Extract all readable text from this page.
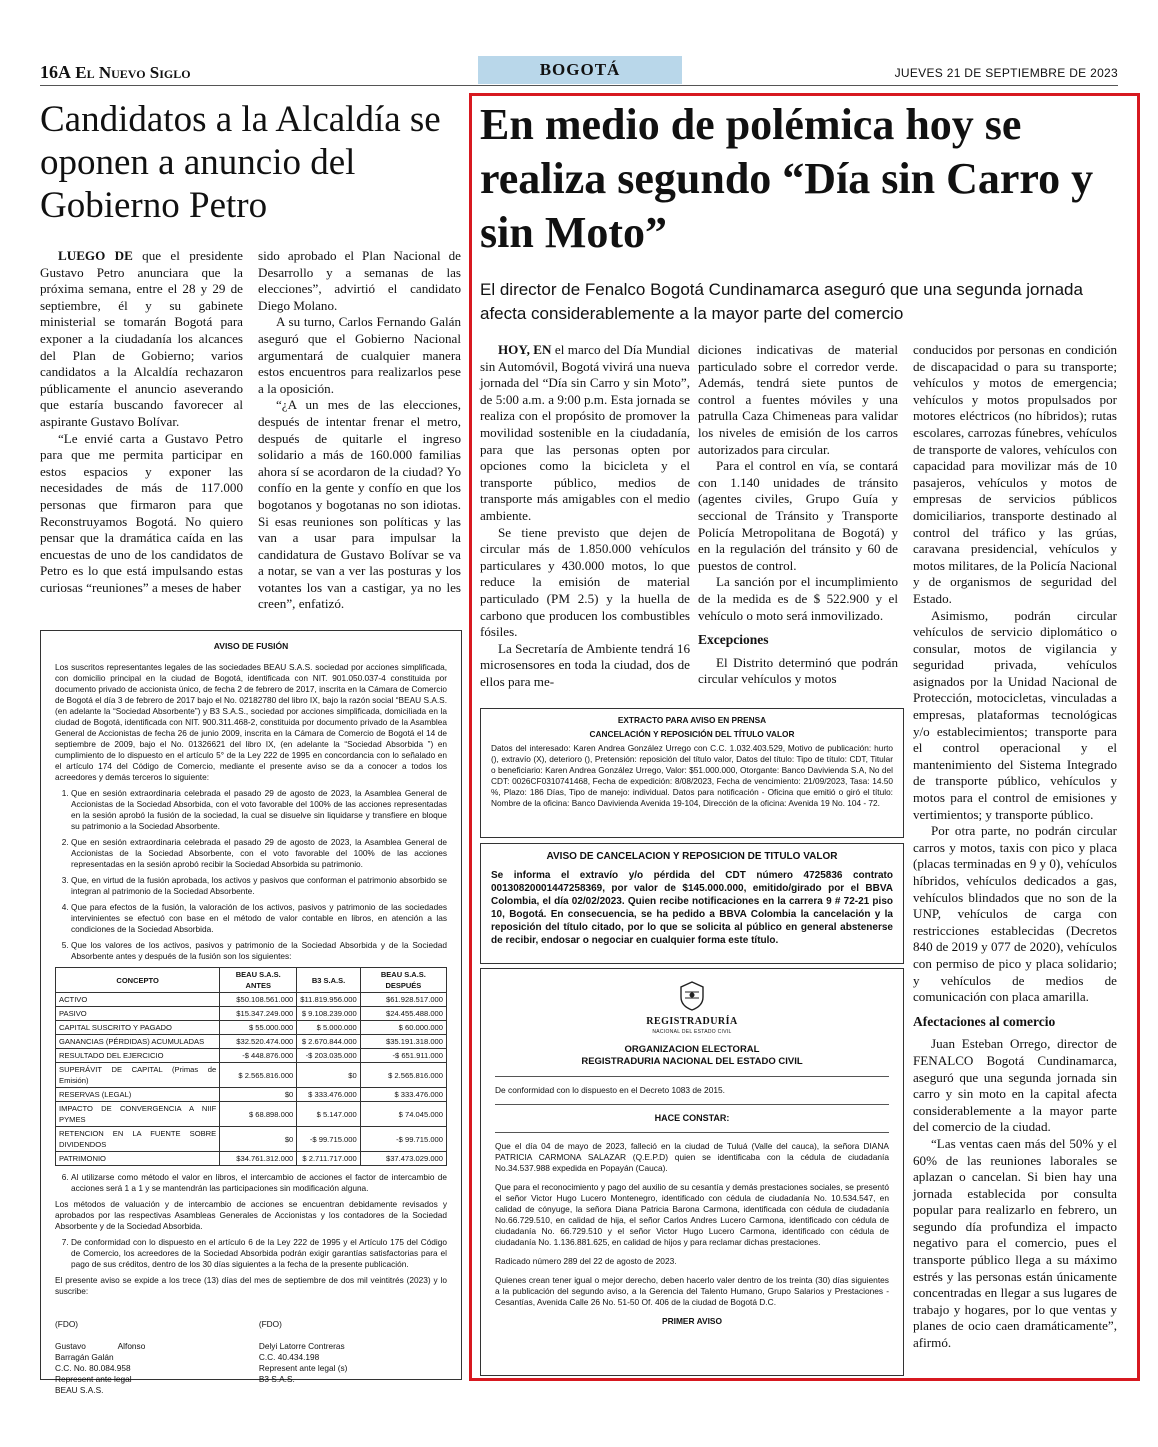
16A El Nuevo Siglo	BOGOTÁ	JUEVES 21 DE SEPTIEMBRE DE 2023
Candidatos a la Alcaldía se oponen a anuncio del Gobierno Petro

LUEGO DE que el presidente Gustavo Petro anunciara que la próxima semana, entre el 28 y 29 de septiembre, él y su gabinete ministerial se tomarán Bogotá para exponer a la ciudadanía los alcances del Plan de Gobierno; varios candidatos a la Alcaldía rechazaron públicamente el anuncio aseverando que estaría buscando favorecer al aspirante Gustavo Bolívar.

“Le envié carta a Gustavo Petro para que me permita participar en estos espacios y exponer las necesidades de más de 117.000 personas que firmaron para que Reconstruyamos Bogotá. No quiero pensar que la dramática caída en las encuestas de uno de los candidatos de Petro es lo que está impulsando estas curiosas “reuniones” a meses de haber

sido aprobado el Plan Nacional de Desarrollo y a semanas de las elecciones”, advirtió el candidato Diego Molano.

A su turno, Carlos Fernando Galán aseguró que el Gobierno Nacional argumentará de cualquier manera estos encuentros para realizarlos pese a la oposición.

“¿A un mes de las elecciones, después de intentar frenar el metro, después de quitarle el ingreso solidario a más de 160.000 familias ahora sí se acordaron de la ciudad? Yo confío en la gente y confío en que los bogotanos y bogotanas no son idiotas. Si esas reuniones son políticas y las van a usar para impulsar la candidatura de Gustavo Bolívar se va a notar, se van a ver las posturas y los votantes los van a castigar, ya no les creen”, enfatizó.

AVISO DE FUSIÓN

Los suscritos representantes legales de las sociedades BEAU S.A.S. sociedad por acciones simplificada, con domicilio principal en la ciudad de Bogotá, identificada con NIT. 901.050.037-4 constituida por documento privado de accionista único, de fecha 2 de febrero de 2017, inscrita en la Cámara de Comercio de Bogotá el día 3 de febrero de 2017 bajo el No. 02182780 del libro IX, bajo la razón social “BEAU S.A.S. (en adelante la “Sociedad Absorbente”) y B3 S.A.S., sociedad por acciones simplificada, domiciliada en la ciudad de Bogotá, identificada con NIT. 900.311.468-2, constituida por documento privado de la Asamblea General de Accionistas de fecha 26 de junio 2009, inscrita en la Cámara de Comercio de Bogotá el 14 de septiembre de 2009, bajo el No. 01326621 del libro IX, (en adelante la “Sociedad Absorbida ”) en cumplimiento de lo dispuesto en el artículo 5° de la Ley 222 de 1995 en concordancia con lo señalado en el artículo 174 del Código de Comercio, mediante el presente aviso se da a conocer a todos los acreedores y demás terceros lo siguiente:

1. Que en sesión extraordinaria celebrada el pasado 29 de agosto de 2023, la Asamblea General de Accionistas de la Sociedad Absorbida, con el voto favorable del 100% de las acciones representadas en la sesión aprobó la fusión de la sociedad, la cual se disuelve sin liquidarse y transfiere en bloque su patrimonio a la Sociedad Absorbente.
2. Que en sesión extraordinaria celebrada el pasado 29 de agosto de 2023, la Asamblea General de Accionistas de la Sociedad Absorbente, con el voto favorable del 100% de las acciones representadas en la sesión aprobó recibir la Sociedad Absorbida su patrimonio.
3. Que, en virtud de la fusión aprobada, los activos y pasivos que conforman el patrimonio absorbido se integran al patrimonio de la Sociedad Absorbente.
4. Que para efectos de la fusión, la valoración de los activos, pasivos y patrimonio de las sociedades intervinientes se efectuó con base en el método de valor contable en libros, en atención a las condiciones de la Sociedad Absorbida.
5. Que los valores de los activos, pasivos y patrimonio de la Sociedad Absorbida y de la Sociedad Absorbente antes y después de la fusión son los siguientes:
CONCEPTO	BEAU S.A.S. ANTES	B3 S.A.S.	BEAU S.A.S. DESPUÉS
ACTIVO	$50.108.561.000	$11.819.956.000	$61.928.517.000
PASIVO	$15.347.249.000	$ 9.108.239.000	$24.455.488.000
CAPITAL SUSCRITO Y PAGADO	$ 55.000.000	$ 5.000.000	$ 60.000.000
GANANCIAS (PÉRDIDAS) ACUMULADAS	$32.520.474.000	$ 2.670.844.000	$35.191.318.000
RESULTADO DEL EJERCICIO	-$ 448.876.000	-$ 203.035.000	-$ 651.911.000
SUPERÁVIT DE CAPITAL (Primas de Emisión)	$ 2.565.816.000	$0	$ 2.565.816.000
RESERVAS (LEGAL)	$0	$ 333.476.000	$ 333.476.000
IMPACTO DE CONVERGENCIA A NIIF PYMES	$ 68.898.000	$ 5.147.000	$ 74.045.000
RETENCION EN LA FUENTE SOBRE DIVIDENDOS	$0	-$ 99.715.000	-$ 99.715.000
PATRIMONIO	$34.761.312.000	$ 2.711.717.000	$37.473.029.000
6. Al utilizarse como método el valor en libros, el intercambio de acciones el factor de intercambio de acciones será 1 a 1 y se mantendrán las participaciones sin modificación alguna.

Los métodos de valuación y de intercambio de acciones se encuentran debidamente revisados y aprobados por las respectivas Asambleas Generales de Accionistas y los contadores de la Sociedad Absorbente y de la Sociedad Absorbida.

7. De conformidad con lo dispuesto en el artículo 6 de la Ley 222 de 1995 y el Artículo 175 del Código de Comercio, los acreedores de la Sociedad Absorbida podrán exigir garantías satisfactorias para el pago de sus créditos, dentro de los 30 días siguientes a la fecha de la presente publicación.

El presente aviso se expide a los trece (13) días del mes de septiembre de dos mil veintitrés (2023) y lo suscribe:

(FDO)

Gustavo Alfonso Barragán Galán
C.C. No. 80.084.958
Represent ante legal
BEAU S.A.S.
(FDO)

Delyi Latorre Contreras
C.C. 40.434.198
Represent ante legal (s)
B3 S.A.S.
En medio de polémica hoy se realiza segundo “Día sin Carro y sin Moto”
El director de Fenalco Bogotá Cundinamarca aseguró que una segunda jornada afecta considerablemente a la mayor parte del comercio

HOY, EN el marco del Día Mundial sin Automóvil, Bogotá vivirá una nueva jornada del “Día sin Carro y sin Moto”, de 5:00 a.m. a 9:00 p.m. Esta jornada se realiza con el propósito de promover la movilidad sostenible en la ciudadanía, para que las personas opten por opciones como la bicicleta y el transporte público, medios de transporte más amigables con el medio ambiente.

Se tiene previsto que dejen de circular más de 1.850.000 vehículos particulares y 430.000 motos, lo que reduce la emisión de material particulado (PM 2.5) y la huella de carbono que producen los combustibles fósiles.

La Secretaría de Ambiente tendrá 16 microsensores en toda la ciudad, dos de ellos para me-

diciones indicativas de material particulado sobre el corredor verde. Además, tendrá siete puntos de control a fuentes móviles y una patrulla Caza Chimeneas para validar los niveles de emisión de los carros autorizados para circular.

Para el control en vía, se contará con 1.140 unidades de tránsito (agentes civiles, Grupo Guía y seccional de Tránsito y Transporte Policía Metropolitana de Bogotá) y en la regulación del tránsito y 60 de puestos de control.

La sanción por el incumplimiento de la medida es de $ 522.900 y el vehículo o moto será inmovilizado.

Excepciones

El Distrito determinó que podrán circular vehículos y motos

conducidos por personas en condición de discapacidad o para su transporte; vehículos y motos de emergencia; vehículos y motos propulsados por motores eléctricos (no híbridos); rutas escolares, carrozas fúnebres, vehículos de transporte de valores, vehículos con capacidad para movilizar más de 10 pasajeros, vehículos y motos de empresas de servicios públicos domiciliarios, transporte destinado al control del tráfico y las grúas, caravana presidencial, vehículos y motos militares, de la Policía Nacional y de organismos de seguridad del Estado.

Asimismo, podrán circular vehículos de servicio diplomático o consular, motos de vigilancia y seguridad privada, vehículos asignados por la Unidad Nacional de Protección, motocicletas, vinculadas a empresas, plataformas tecnológicas y/o establecimientos; transporte para el control operacional y el mantenimiento del Sistema Integrado de transporte público, vehículos y motos para el control de emisiones y vertimientos; y transporte público.

Por otra parte, no podrán circular carros y motos, taxis con pico y placa (placas terminadas en 9 y 0), vehículos híbridos, vehículos dedicados a gas, vehículos blindados que no son de la UNP, vehículos de carga con restricciones establecidas (Decretos 840 de 2019 y 077 de 2020), vehículos con permiso de pico y placa solidario; y vehículos de medios de comunicación con placa amarilla.

Afectaciones al comercio

Juan Esteban Orrego, director de FENALCO Bogotá Cundinamarca, aseguró que una segunda jornada sin carro y sin moto en la capital afecta considerablemente a la mayor parte del comercio de la ciudad.

“Las ventas caen más del 50% y el 60% de las reuniones laborales se aplazan o cancelan. Si bien hay una jornada establecida por consulta popular para realizarlo en febrero, un segundo día profundiza el impacto negativo para el comercio, pues el transporte público llega a su máximo estrés y las personas están únicamente concentradas en llegar a sus lugares de trabajo y hogares, por lo que ventas y planes de ocio caen dramáticamente”, afirmó.

EXTRACTO PARA AVISO EN PRENSA
CANCELACIÓN Y REPOSICIÓN DEL TÍTULO VALOR

Datos del interesado: Karen Andrea González Urrego con C.C. 1.032.403.529, Motivo de publicación: hurto (), extravío (X), deterioro (), Pretensión: reposición del título valor, Datos del título: Tipo de título: CDT, Titular o beneficiario: Karen Andrea González Urrego, Valor: $51.000.000, Otorgante: Banco Davivienda S.A, No del CDT: 0026CF0310741468, Fecha de expedición: 8/08/2023, Fecha de vencimiento: 21/09/2023, Tasa: 14.50 %, Plazo: 186 Días, Tipo de manejo: individual. Datos para notificación - Oficina que emitió o giró el título: Nombre de la oficina: Banco Davivienda Avenida 19-104, Dirección de la oficina: Avenida 19 No. 104 - 72.

AVISO DE CANCELACION Y REPOSICION DE TITULO VALOR

Se informa el extravío y/o pérdida del CDT número 4725836 contrato 00130820001447258369, por valor de $145.000.000, emitido/girado por el BBVA Colombia, el día 02/02/2023. Quien recibe notificaciones en la carrera 9 # 72-21 piso 10, Bogotá. En consecuencia, se ha pedido a BBVA Colombia la cancelación y la reposición del título citado, por lo que se solicita al público en general abstenerse de recibir, endosar o negociar en cualquier forma este título.

REGISTRADURÍA
NACIONAL DEL ESTADO CIVIL
ORGANIZACION ELECTORAL
REGISTRADURIA NACIONAL DEL ESTADO CIVIL

De conformidad con lo dispuesto en el Decreto 1083 de 2015.

HACE CONSTAR:

Que el día 04 de mayo de 2023, falleció en la ciudad de Tuluá (Valle del cauca), la señora DIANA PATRICIA CARMONA SALAZAR (Q.E.P.D) quien se identificaba con la cédula de ciudadanía No.34.537.988 expedida en Popayán (Cauca).

Que para el reconocimiento y pago del auxilio de su cesantía y demás prestaciones sociales, se presentó el señor Victor Hugo Lucero Montenegro, identificado con cédula de ciudadanía No. 10.534.547, en calidad de cónyuge, la señora Diana Patricia Barona Carmona, identificada con cédula de ciudadanía No.66.729.510, en calidad de hija, el señor Carlos Andres Lucero Carmona, identificado con cédula de ciudadanía No. 66.729.510 y el señor Victor Hugo Lucero Carmona, identificado con cédula de ciudadanía No. 1.136.881.625, en calidad de hijos y para reclamar dichas prestaciones.

Radicado número 289 del 22 de agosto de 2023.

Quienes crean tener igual o mejor derecho, deben hacerlo valer dentro de los treinta (30) días siguientes a la publicación del segundo aviso, a la Gerencia del Talento Humano, Grupo Salarios y Prestaciones - Cesantías, Avenida Calle 26 No. 51-50 Of. 406 de la ciudad de Bogotá D.C.

PRIMER AVISO
